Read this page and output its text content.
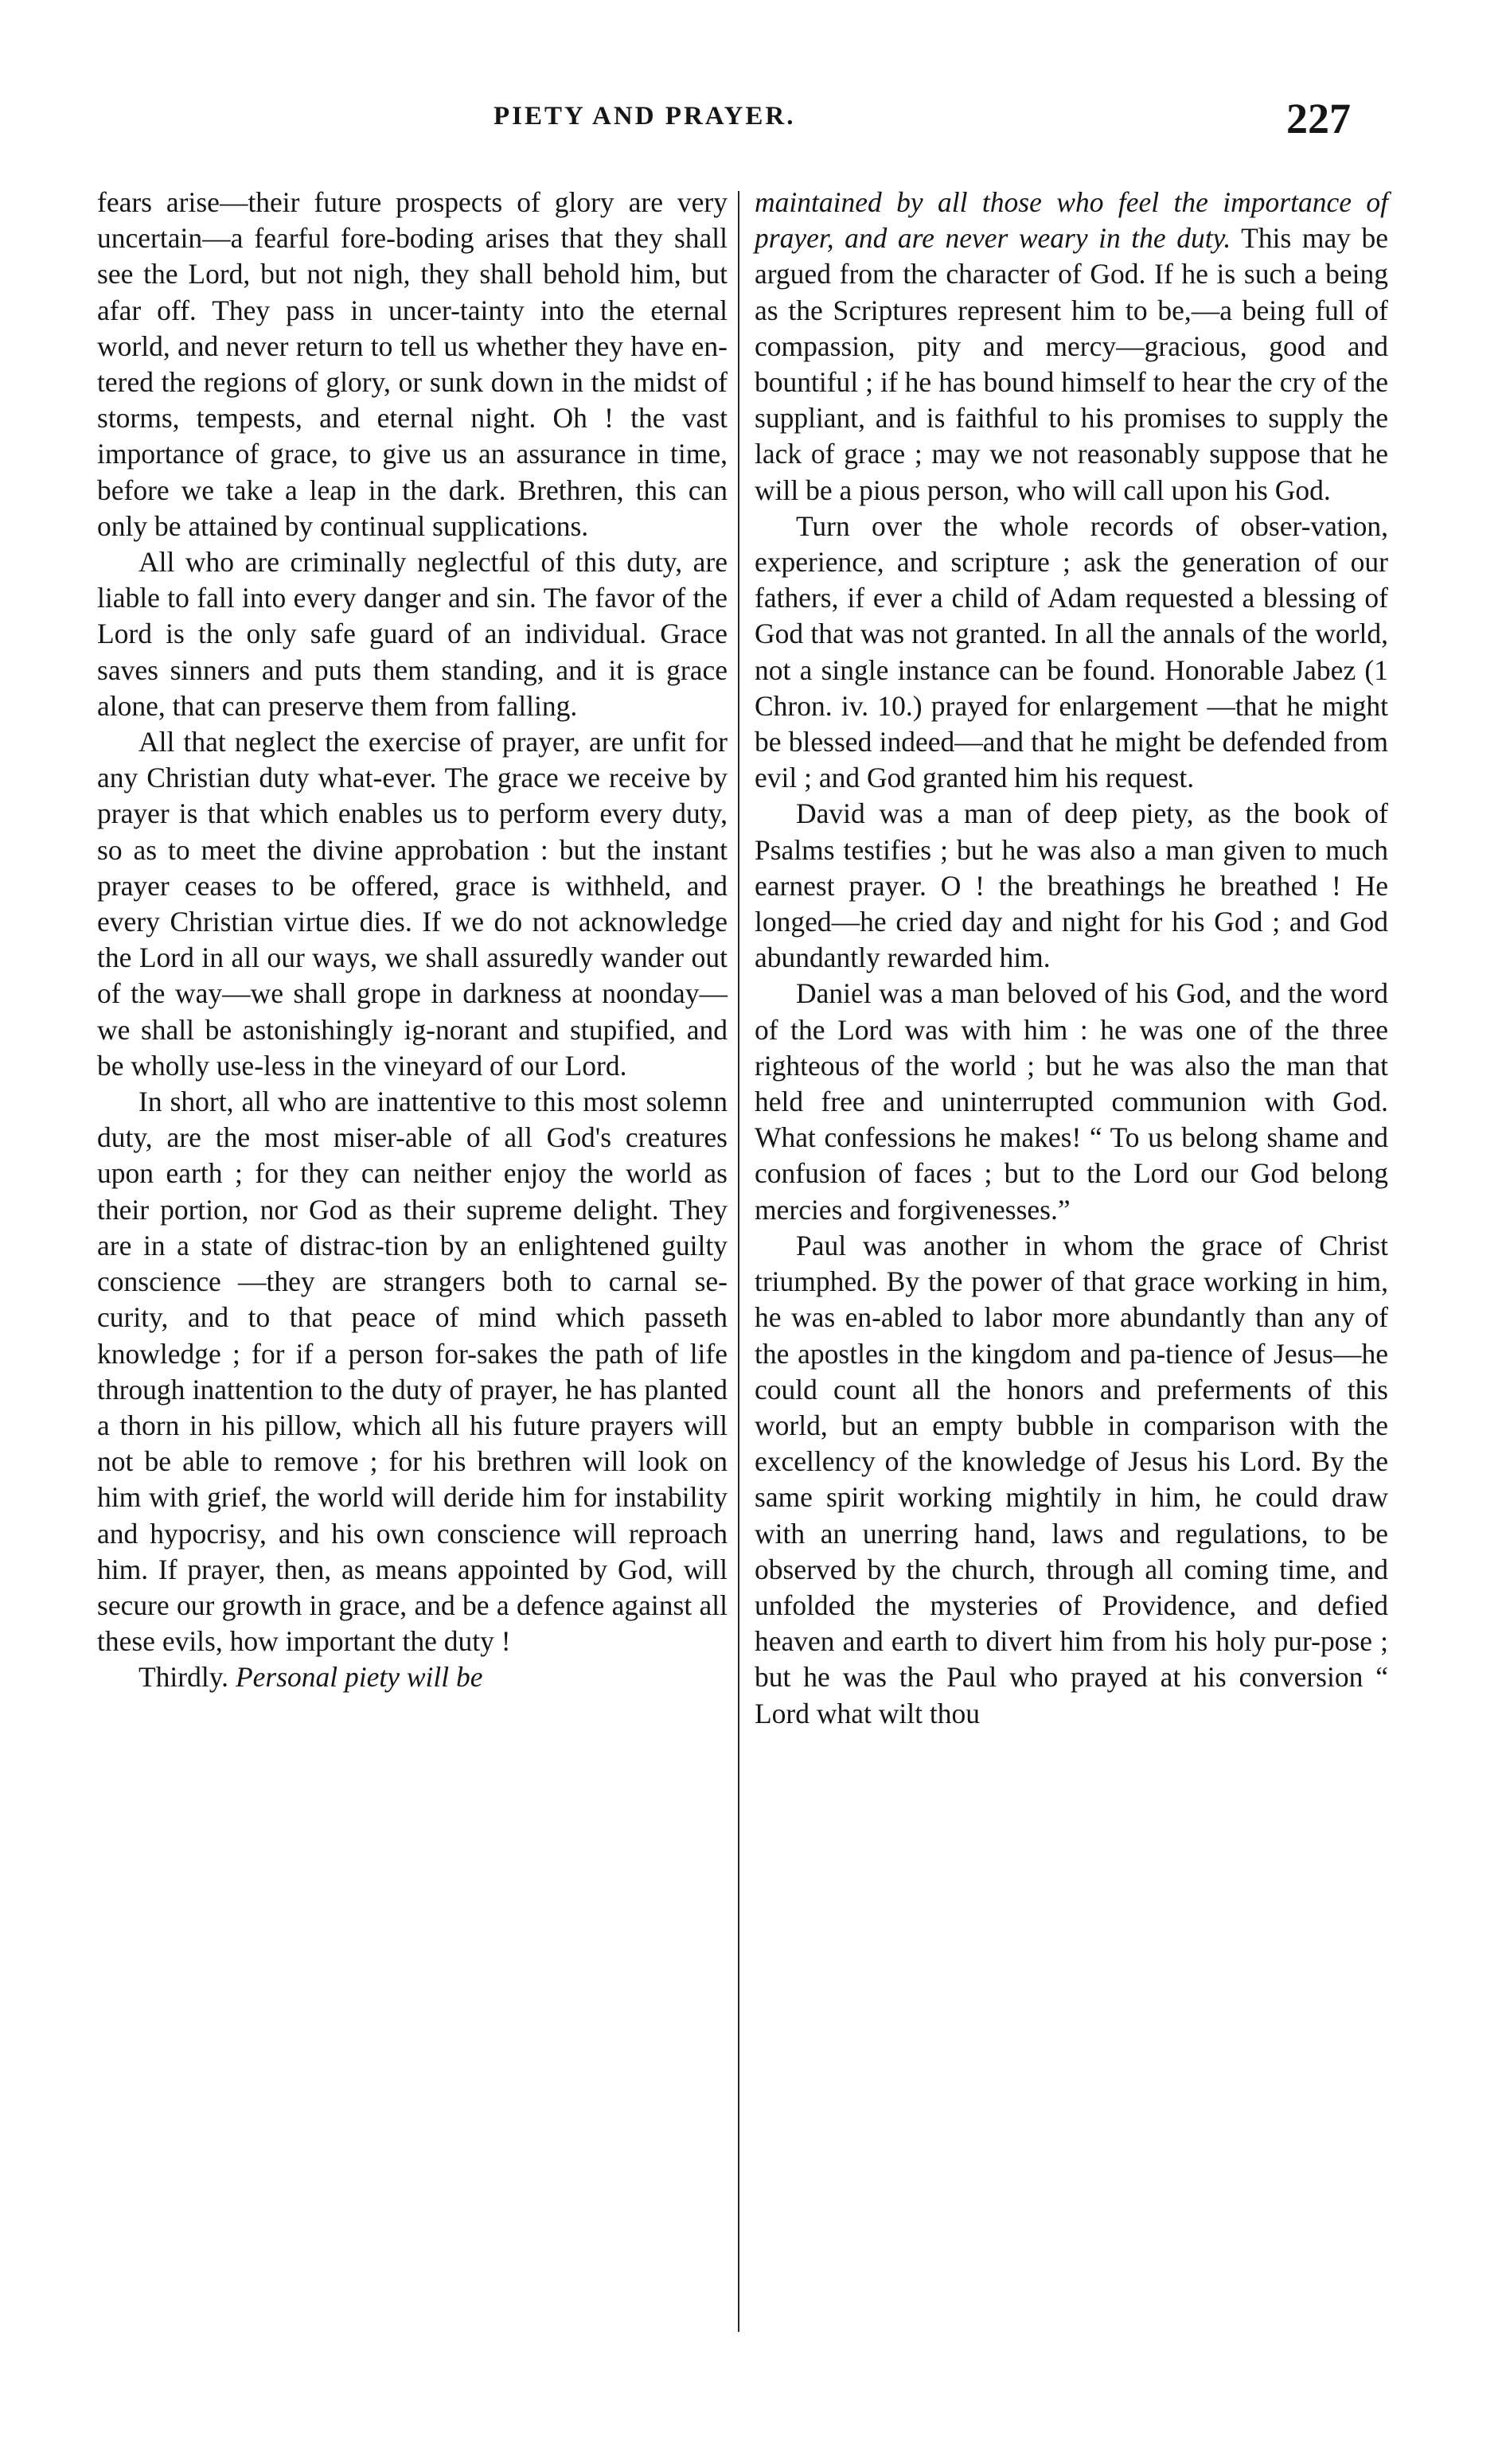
PIETY AND PRAYER.	227

fears arise—their future prospects of glory are very uncertain—a fearful fore-boding arises that they shall see the Lord, but not nigh, they shall behold him, but afar off. They pass in uncer-tainty into the eternal world, and never return to tell us whether they have en-tered the regions of glory, or sunk down in the midst of storms, tempests, and eternal night. Oh ! the vast importance of grace, to give us an assurance in time, before we take a leap in the dark. Brethren, this can only be attained by continual supplications.

All who are criminally neglectful of this duty, are liable to fall into every danger and sin. The favor of the Lord is the only safe guard of an individual. Grace saves sinners and puts them standing, and it is grace alone, that can preserve them from falling.

All that neglect the exercise of prayer, are unfit for any Christian duty what-ever. The grace we receive by prayer is that which enables us to perform every duty, so as to meet the divine approbation : but the instant prayer ceases to be offered, grace is withheld, and every Christian virtue dies. If we do not acknowledge the Lord in all our ways, we shall assuredly wander out of the way—we shall grope in darkness at noonday—we shall be astonishingly ig-norant and stupified, and be wholly use-less in the vineyard of our Lord.

In short, all who are inattentive to this most solemn duty, are the most miser-able of all God's creatures upon earth ; for they can neither enjoy the world as their portion, nor God as their supreme delight. They are in a state of distrac-tion by an enlightened guilty conscience —they are strangers both to carnal se-curity, and to that peace of mind which passeth knowledge ; for if a person for-sakes the path of life through inattention to the duty of prayer, he has planted a thorn in his pillow, which all his future prayers will not be able to remove ; for his brethren will look on him with grief, the world will deride him for instability and hypocrisy, and his own conscience will reproach him. If prayer, then, as means appointed by God, will secure our growth in grace, and be a defence against all these evils, how important the duty !

Thirdly. Personal piety will be

maintained by all those who feel the importance of prayer, and are never weary in the duty. This may be argued from the character of God. If he is such a being as the Scriptures represent him to be,—a being full of compassion, pity and mercy—gracious, good and bountiful ; if he has bound himself to hear the cry of the suppliant, and is faithful to his promises to supply the lack of grace ; may we not reasonably suppose that he will be a pious person, who will call upon his God.

Turn over the whole records of obser-vation, experience, and scripture ; ask the generation of our fathers, if ever a child of Adam requested a blessing of God that was not granted. In all the annals of the world, not a single instance can be found. Honorable Jabez (1 Chron. iv. 10.) prayed for enlargement —that he might be blessed indeed—and that he might be defended from evil ; and God granted him his request.

David was a man of deep piety, as the book of Psalms testifies ; but he was also a man given to much earnest prayer. O ! the breathings he breathed ! He longed—he cried day and night for his God ; and God abundantly rewarded him.

Daniel was a man beloved of his God, and the word of the Lord was with him : he was one of the three righteous of the world ; but he was also the man that held free and uninterrupted communion with God. What confessions he makes! “ To us belong shame and confusion of faces ; but to the Lord our God belong mercies and forgivenesses.”

Paul was another in whom the grace of Christ triumphed. By the power of that grace working in him, he was en-abled to labor more abundantly than any of the apostles in the kingdom and pa-tience of Jesus—he could count all the honors and preferments of this world, but an empty bubble in comparison with the excellency of the knowledge of Jesus his Lord. By the same spirit working mightily in him, he could draw with an unerring hand, laws and regulations, to be observed by the church, through all coming time, and unfolded the mysteries of Providence, and defied heaven and earth to divert him from his holy pur-pose ; but he was the Paul who prayed at his conversion “ Lord what wilt thou
